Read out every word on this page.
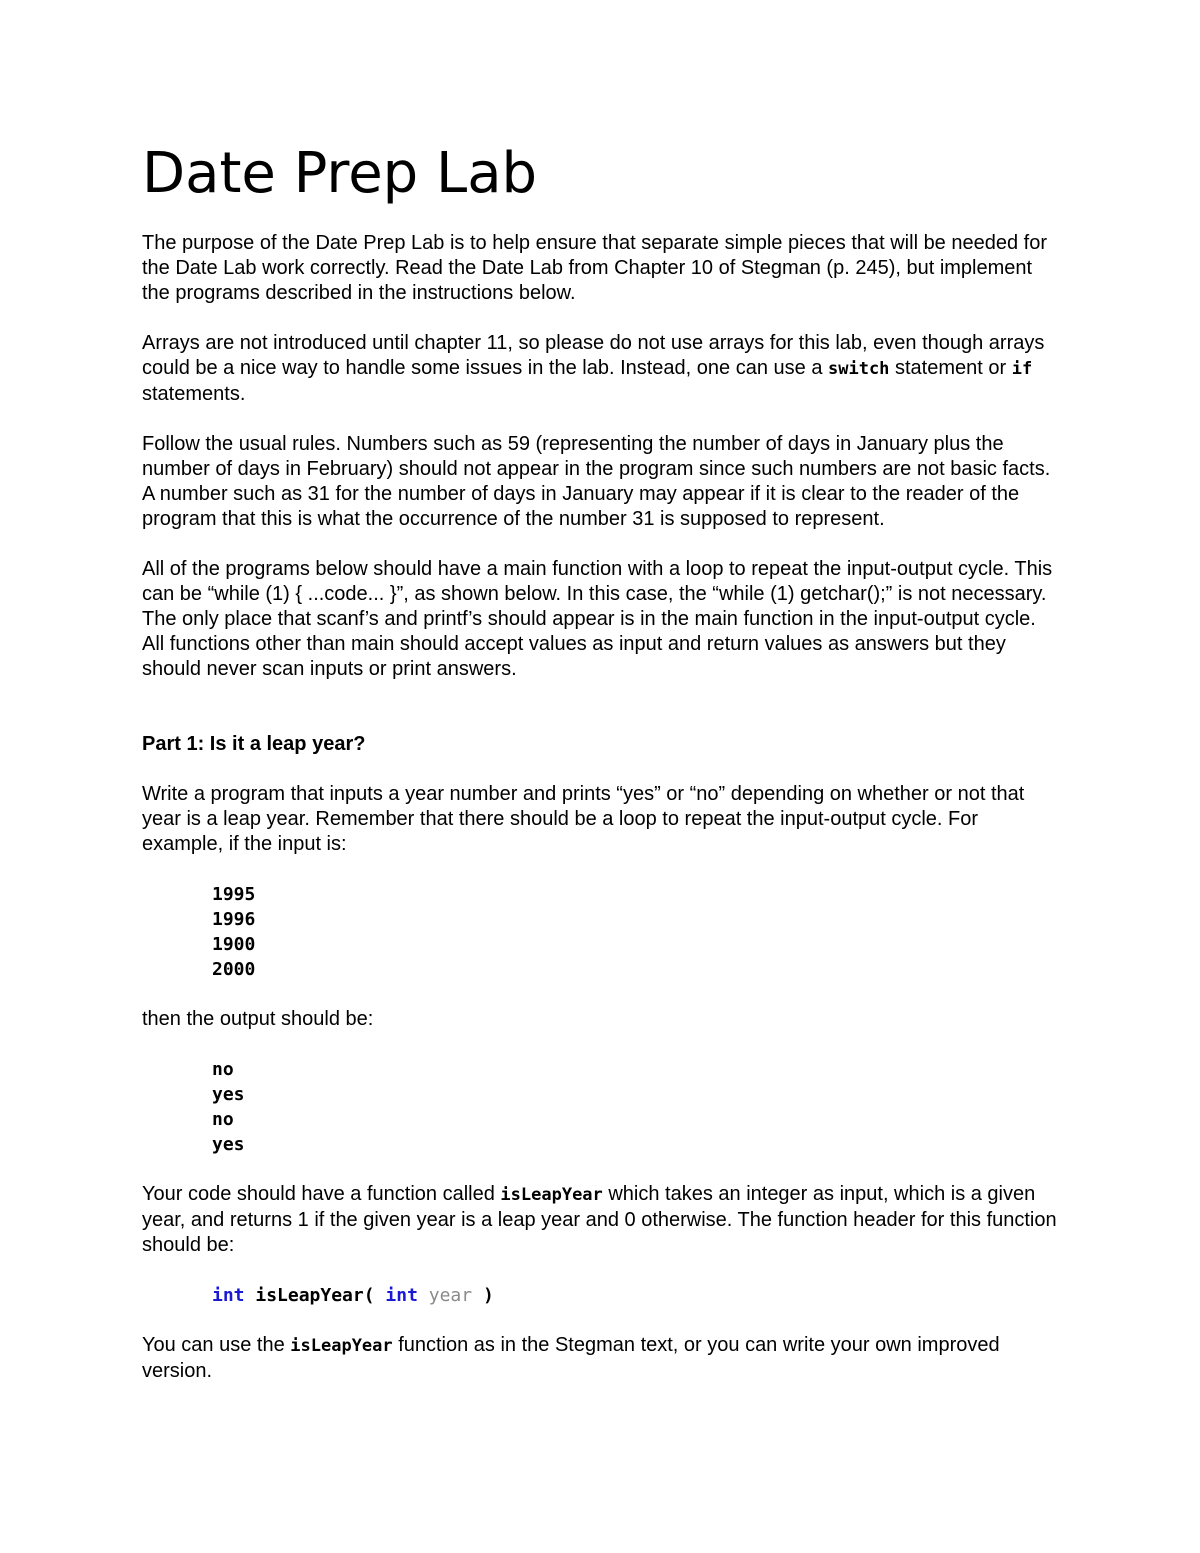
Date Prep Lab

The purpose of the Date Prep Lab is to help ensure that separate simple pieces that will be needed for the Date Lab work correctly. Read the Date Lab from Chapter 10 of Stegman (p. 245), but implement the programs described in the instructions below.

Arrays are not introduced until chapter 11, so please do not use arrays for this lab, even though arrays could be a nice way to handle some issues in the lab. Instead, one can use a switch statement or if statements.

Follow the usual rules. Numbers such as 59 (representing the number of days in January plus the number of days in February) should not appear in the program since such numbers are not basic facts. A number such as 31 for the number of days in January may appear if it is clear to the reader of the program that this is what the occurrence of the number 31 is supposed to represent.

All of the programs below should have a main function with a loop to repeat the input-output cycle. This can be “while (1) { ...code... }”, as shown below. In this case, the “while (1) getchar();” is not necessary. The only place that scanf’s and printf’s should appear is in the main function in the input-output cycle. All functions other than main should accept values as input and return values as answers but they should never scan inputs or print answers.

Part 1: Is it a leap year?

Write a program that inputs a year number and prints “yes” or “no” depending on whether or not that year is a leap year. Remember that there should be a loop to repeat the input-output cycle. For example, if the input is:

1995
1996
1900
2000

then the output should be:

no
yes
no
yes

Your code should have a function called isLeapYear which takes an integer as input, which is a given year, and returns 1 if the given year is a leap year and 0 otherwise. The function header for this function should be:

int isLeapYear( int year )

You can use the isLeapYear function as in the Stegman text, or you can write your own improved version.
